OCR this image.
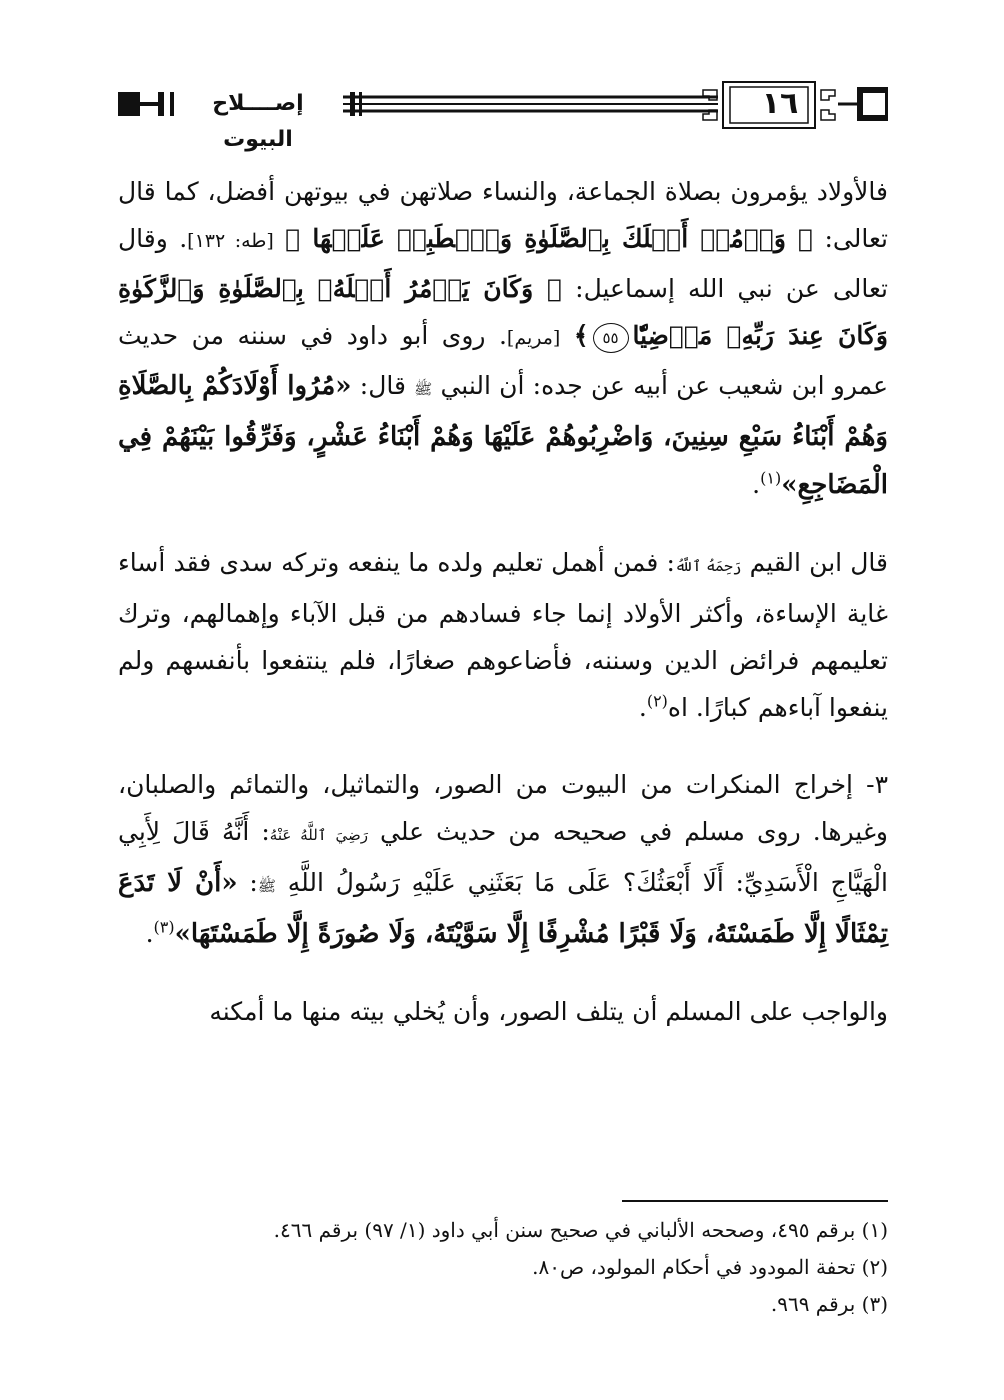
١٦
إصــــلاح البيوت

فالأولاد يؤمرون بصلاة الجماعة، والنساء صلاتهن في بيوتهن أفضل، كما قال تعالى: ﴿ وَأۡمُرۡ أَهۡلَكَ بِٱلصَّلَوٰةِ وَٱصۡطَبِرۡ عَلَيۡهَا ﴾ [طه: ١٣٢]. وقال تعالى عن نبي الله إسماعيل: ﴿ وَكَانَ يَأۡمُرُ أَهۡلَهُۥ بِٱلصَّلَوٰةِ وَٱلزَّكَوٰةِ وَكَانَ عِندَ رَبِّهِۦ مَرۡضِيّٗا٥٥﴾ [مريم]. روى أبو داود في سننه من حديث عمرو ابن شعيب عن أبيه عن جده: أن النبي ﷺ قال: «مُرُوا أَوْلَادَكُمْ بِالصَّلَاةِ وَهُمْ أَبْنَاءُ سَبْعِ سِنِينَ، وَاضْرِبُوهُمْ عَلَيْهَا وَهُمْ أَبْنَاءُ عَشْرٍ، وَفَرِّقُوا بَيْنَهُمْ فِي الْمَضَاجِعِ»$^{(١)}$.

قال ابن القيم رَحِمَهُ ٱللَّهُ: فمن أهمل تعليم ولده ما ينفعه وتركه سدى فقد أساء غاية الإساءة، وأكثر الأولاد إنما جاء فسادهم من قبل الآباء وإهمالهم، وترك تعليمهم فرائض الدين وسننه، فأضاعوهم صغارًا، فلم ينتفعوا بأنفسهم ولم ينفعوا آباءهم كبارًا. اه$^{(٢)}$.

٣- إخراج المنكرات من البيوت من الصور، والتماثيل، والتمائم والصلبان، وغيرها. روى مسلم في صحيحه من حديث علي رَضِيَ ٱللَّهُ عَنْهُ: أَنَّهُ قَالَ لِأَبِي الْهَيَّاجِ الْأَسَدِيِّ: أَلَا أَبْعَثُكَ؟ عَلَى مَا بَعَثَنِي عَلَيْهِ رَسُولُ اللَّهِ ﷺ: «أَنْ لَا تَدَعَ تِمْثَالًا إِلَّا طَمَسْتَهُ، وَلَا قَبْرًا مُشْرِفًا إِلَّا سَوَّيْتَهُ، وَلَا صُورَةً إِلَّا طَمَسْتَهَا»$^{(٣)}$.

والواجب على المسلم أن يتلف الصور، وأن يُخلي بيته منها ما أمكنه

(١) برقم ٤٩٥، وصححه الألباني في صحيح سنن أبي داود (١/ ٩٧) برقم ٤٦٦.

(٢) تحفة المودود في أحكام المولود، ص٨٠.

(٣) برقم ٩٦٩.
